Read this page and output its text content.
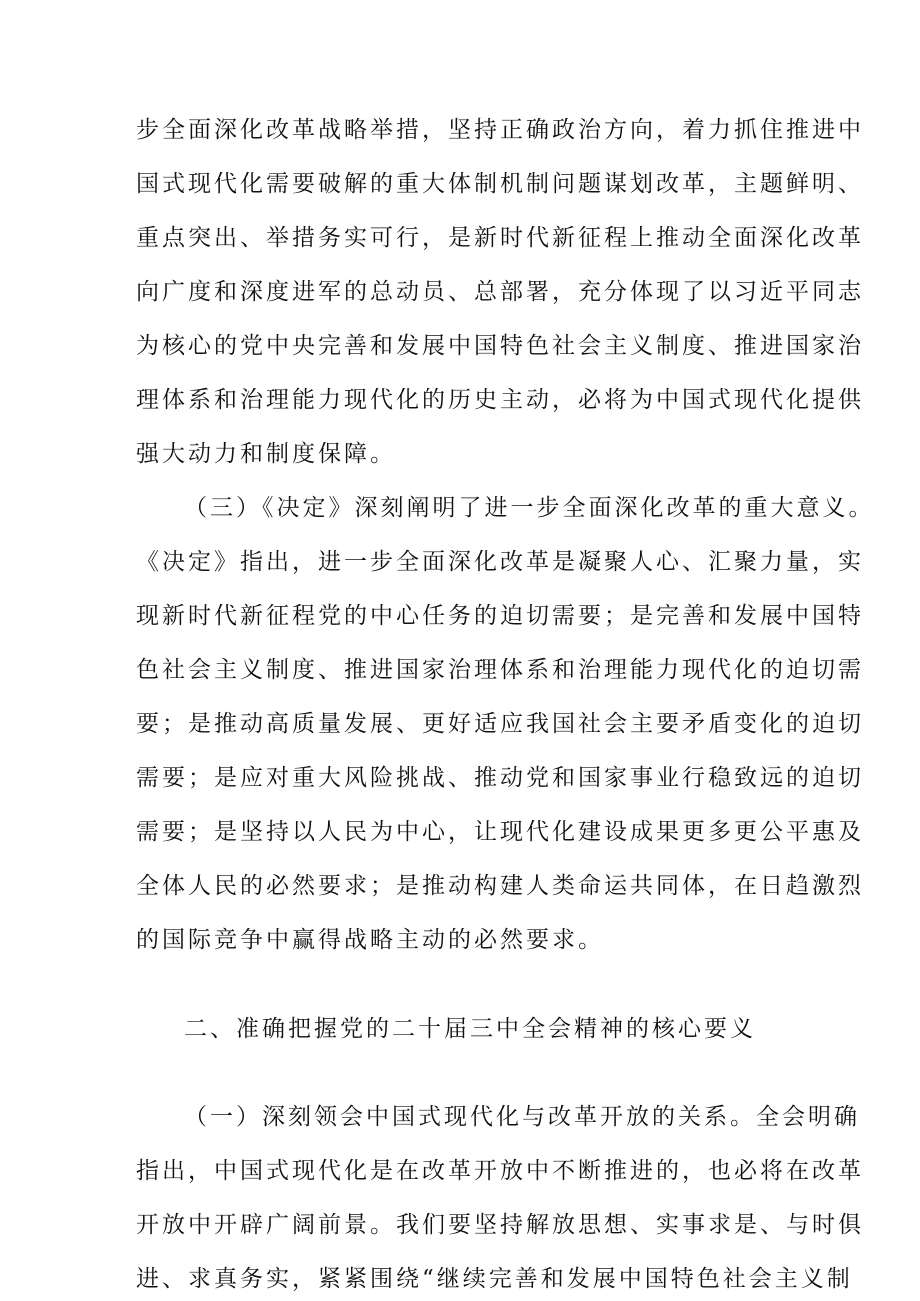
步全面深化改革战略举措，坚持正确政治方向，着力抓住推进中
国式现代化需要破解的重大体制机制问题谋划改革，主题鲜明、
重点突出、举措务实可行，是新时代新征程上推动全面深化改革
向广度和深度进军的总动员、总部署，充分体现了以习近平同志
为核心的党中央完善和发展中国特色社会主义制度、推进国家治
理体系和治理能力现代化的历史主动，必将为中国式现代化提供
强大动力和制度保障。
（三）《决定》深刻阐明了进一步全面深化改革的重大意义。
《决定》指出，进一步全面深化改革是凝聚人心、汇聚力量，实
现新时代新征程党的中心任务的迫切需要；是完善和发展中国特
色社会主义制度、推进国家治理体系和治理能力现代化的迫切需
要；是推动高质量发展、更好适应我国社会主要矛盾变化的迫切
需要；是应对重大风险挑战、推动党和国家事业行稳致远的迫切
需要；是坚持以人民为中心，让现代化建设成果更多更公平惠及
全体人民的必然要求；是推动构建人类命运共同体，在日趋激烈
的国际竞争中赢得战略主动的必然要求。
二、准确把握党的二十届三中全会精神的核心要义
（一）深刻领会中国式现代化与改革开放的关系。全会明确
指出，中国式现代化是在改革开放中不断推进的，也必将在改革
开放中开辟广阔前景。我们要坚持解放思想、实事求是、与时俱
进、求真务实，紧紧围绕“继续完善和发展中国特色社会主义制
